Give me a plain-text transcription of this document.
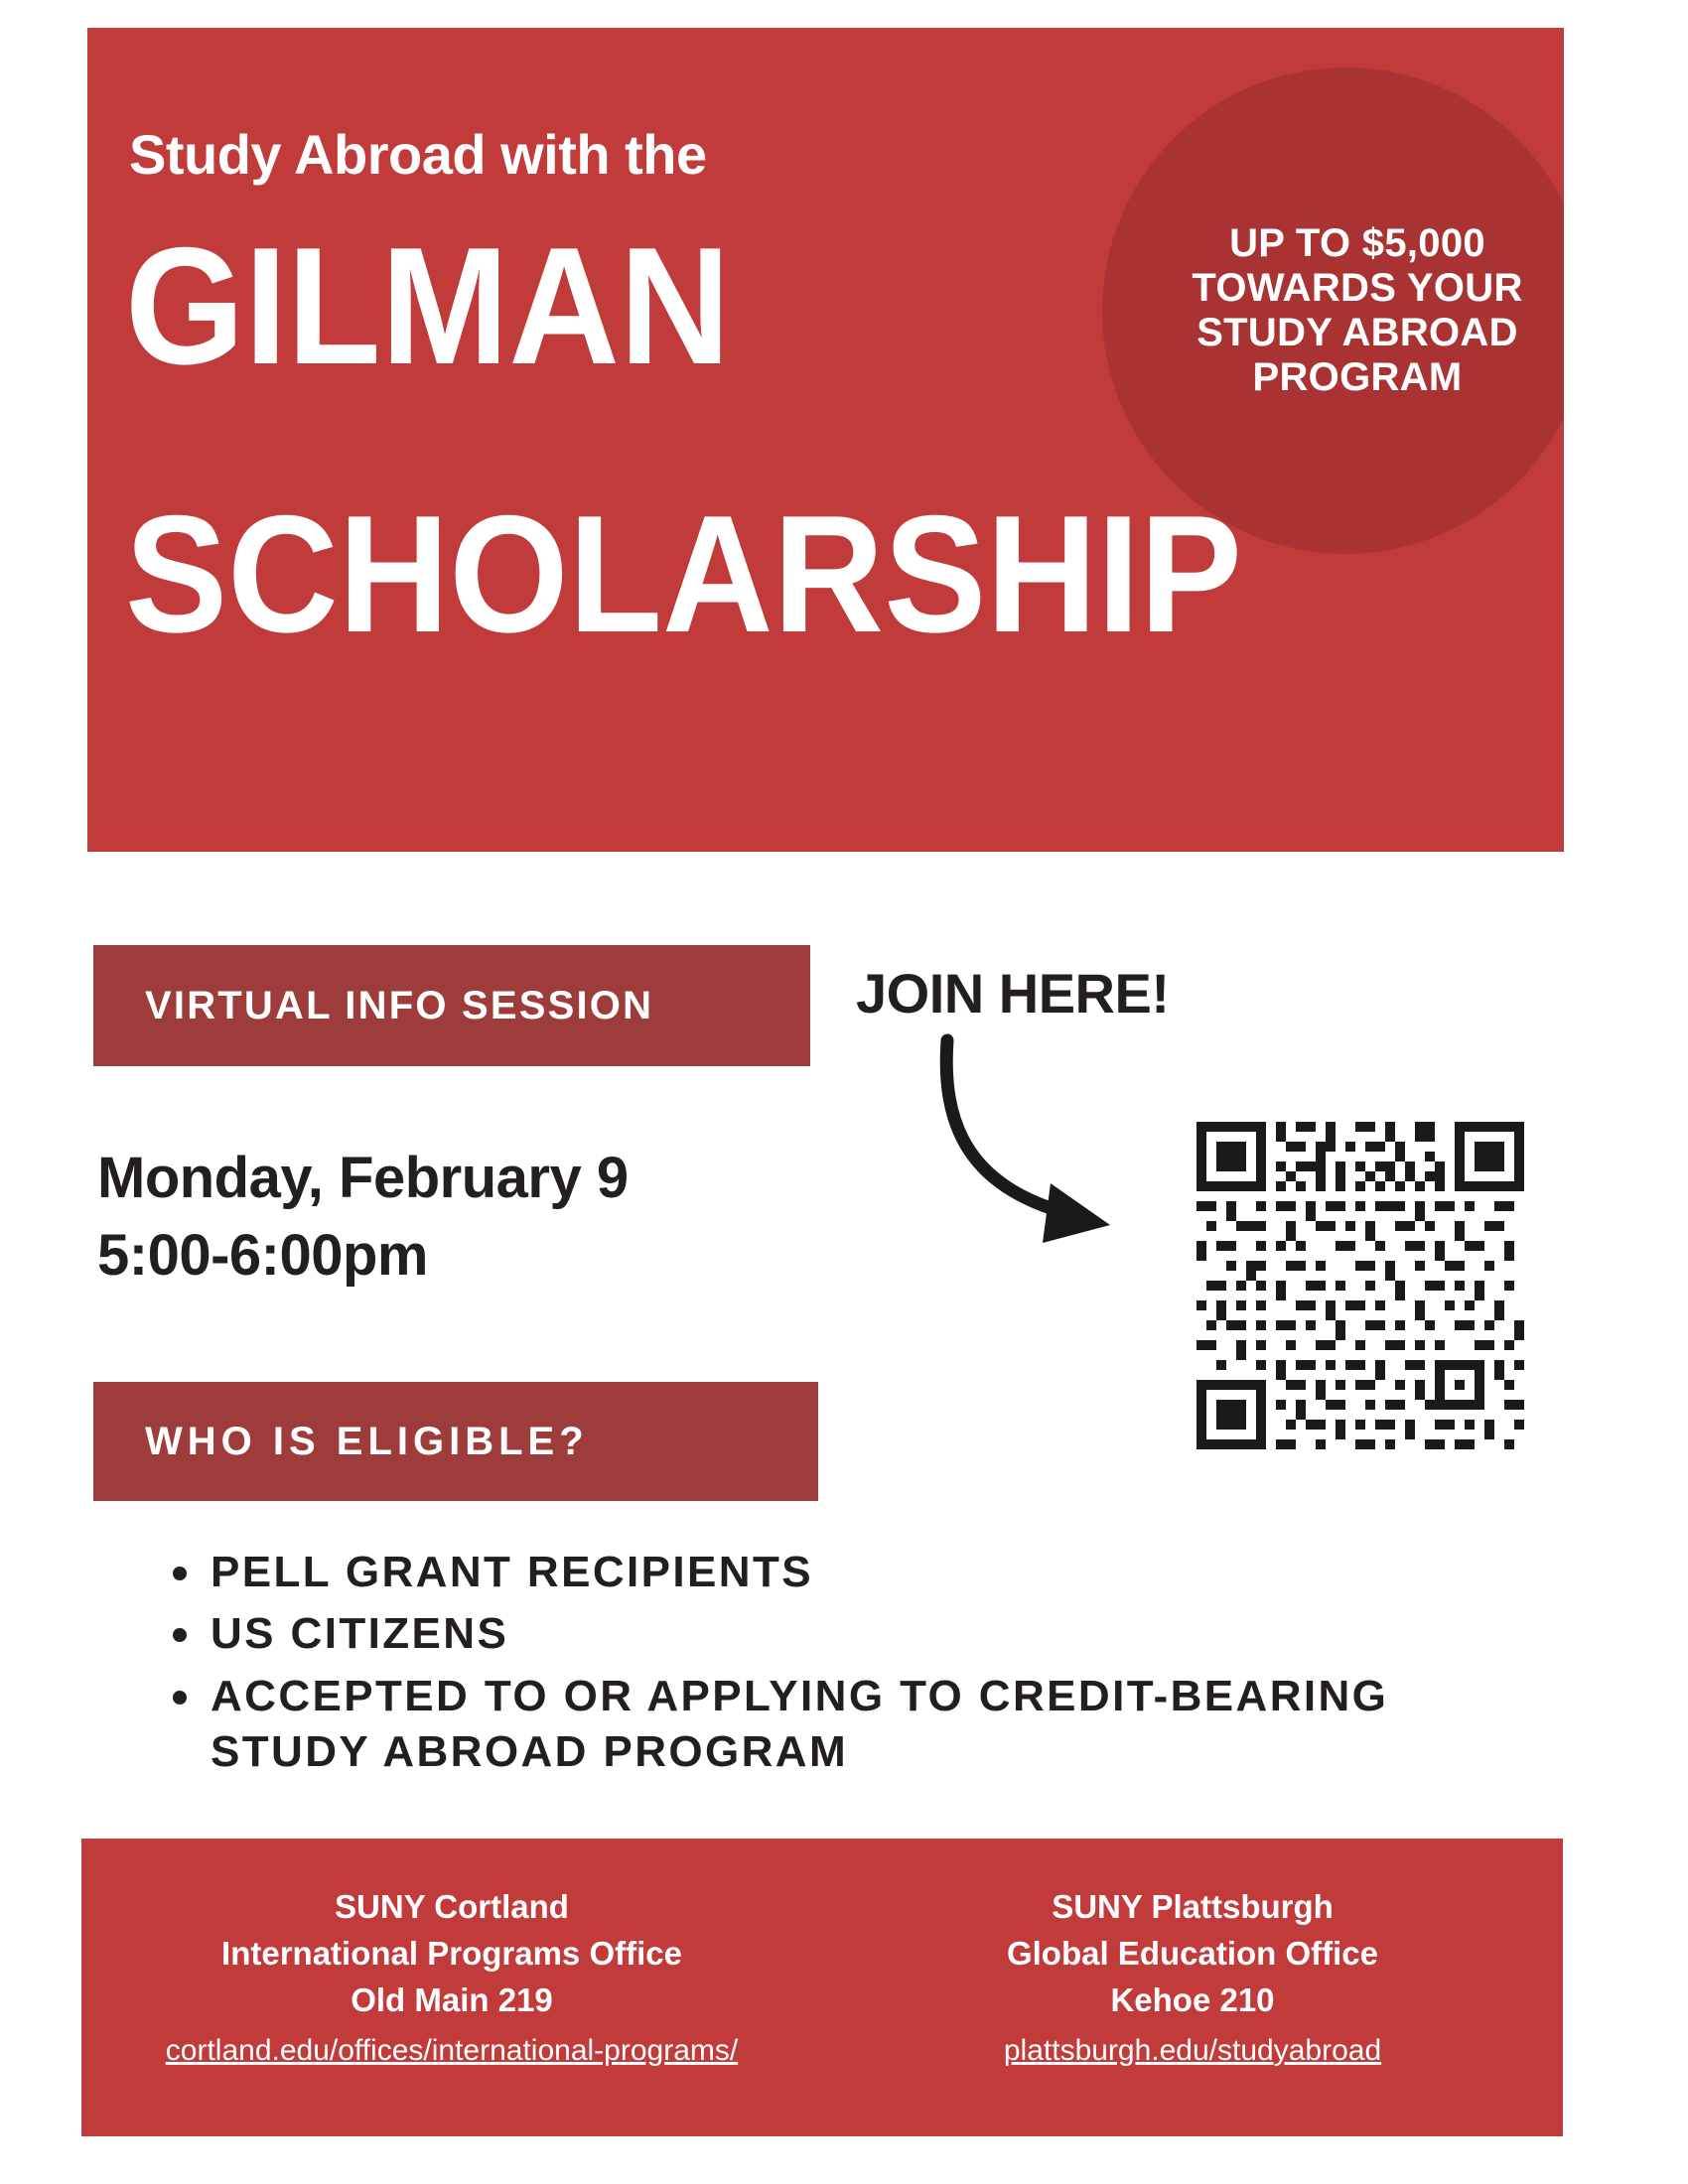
UP TO $5,000 TOWARDS YOUR STUDY ABROAD PROGRAM
Study Abroad with the
GILMAN
SCHOLARSHIP
VIRTUAL INFO SESSION
Monday, February 9
5:00-6:00pm
JOIN HERE!
WHO IS ELIGIBLE?
PELL GRANT RECIPIENTS
US CITIZENS
ACCEPTED TO OR APPLYING TO CREDIT-BEARING STUDY ABROAD PROGRAM
SUNY Cortland
International Programs Office
Old Main 219
cortland.edu/offices/international-programs/
SUNY Plattsburgh
Global Education Office
Kehoe 210
plattsburgh.edu/studyabroad
